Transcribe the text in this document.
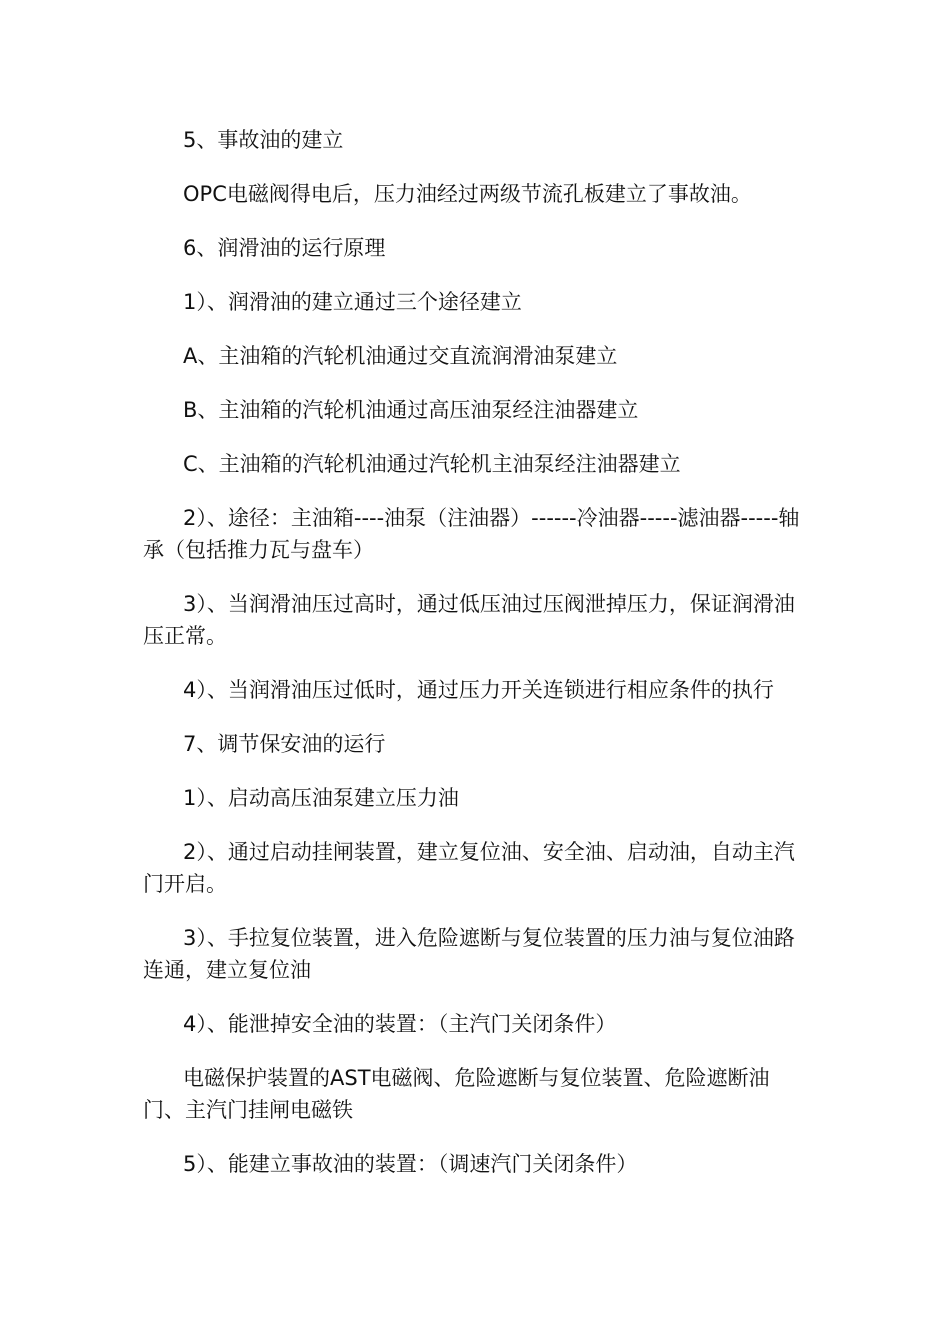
5、事故油的建立

OPC电磁阀得电后，压力油经过两级节流孔板建立了事故油。

6、润滑油的运行原理

1）、润滑油的建立通过三个途径建立

A、主油箱的汽轮机油通过交直流润滑油泵建立

B、主油箱的汽轮机油通过高压油泵经注油器建立

C、主油箱的汽轮机油通过汽轮机主油泵经注油器建立

2）、途径：主油箱----油泵（注油器）------冷油器-----滤油器-----轴承（包括推力瓦与盘车）

3）、当润滑油压过高时，通过低压油过压阀泄掉压力，保证润滑油压正常。

4）、当润滑油压过低时，通过压力开关连锁进行相应条件的执行

7、调节保安油的运行

1）、启动高压油泵建立压力油

2）、通过启动挂闸装置，建立复位油、安全油、启动油，自动主汽门开启。

3）、手拉复位装置，进入危险遮断与复位装置的压力油与复位油路连通，建立复位油

4）、能泄掉安全油的装置：（主汽门关闭条件）

电磁保护装置的AST电磁阀、危险遮断与复位装置、危险遮断油门、主汽门挂闸电磁铁

5）、能建立事故油的装置：（调速汽门关闭条件）
